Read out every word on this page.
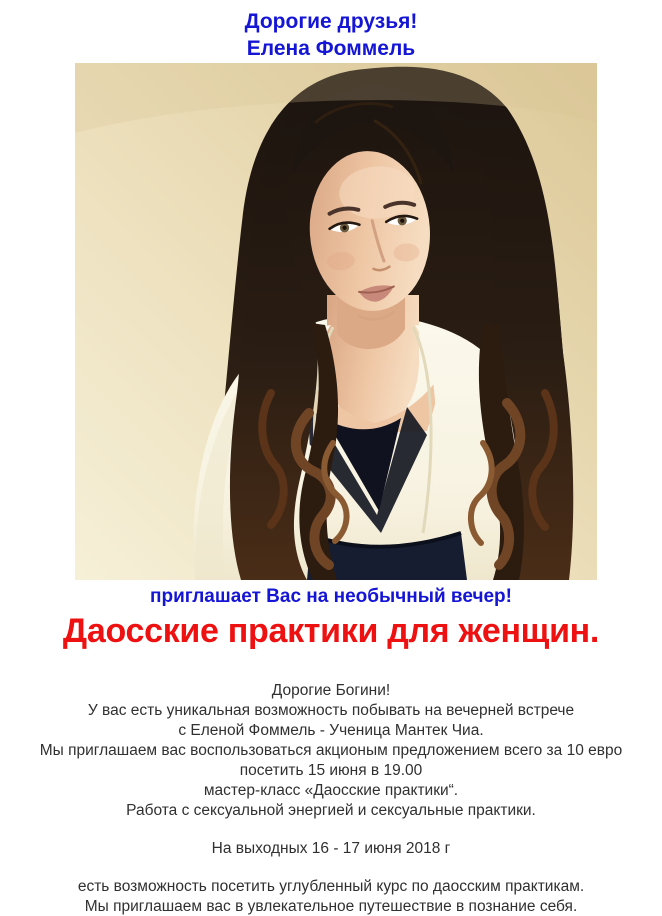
Дорогие друзья!
Елена Фоммель
приглашает Вас на необычный вечер!
Даосские практики для женщин.
Дорогие Богини!
У вас есть уникальная возможность побывать на вечерней встрече
с Еленой Фоммель - Ученица Мантек Чиа.
Мы приглашаем вас воспользоваться акционым предложением всего за 10 евро
посетить 15 июня в 19.00
мастер-класс «Даосские практики“.
Работа с сексуальной энергией и сексуальные практики.
На выходных 16 - 17 июня 2018 г
есть возможность посетить углубленный курс по даосским практикам.
Мы приглашаем вас в увлекательное путешествие в познание себя.
